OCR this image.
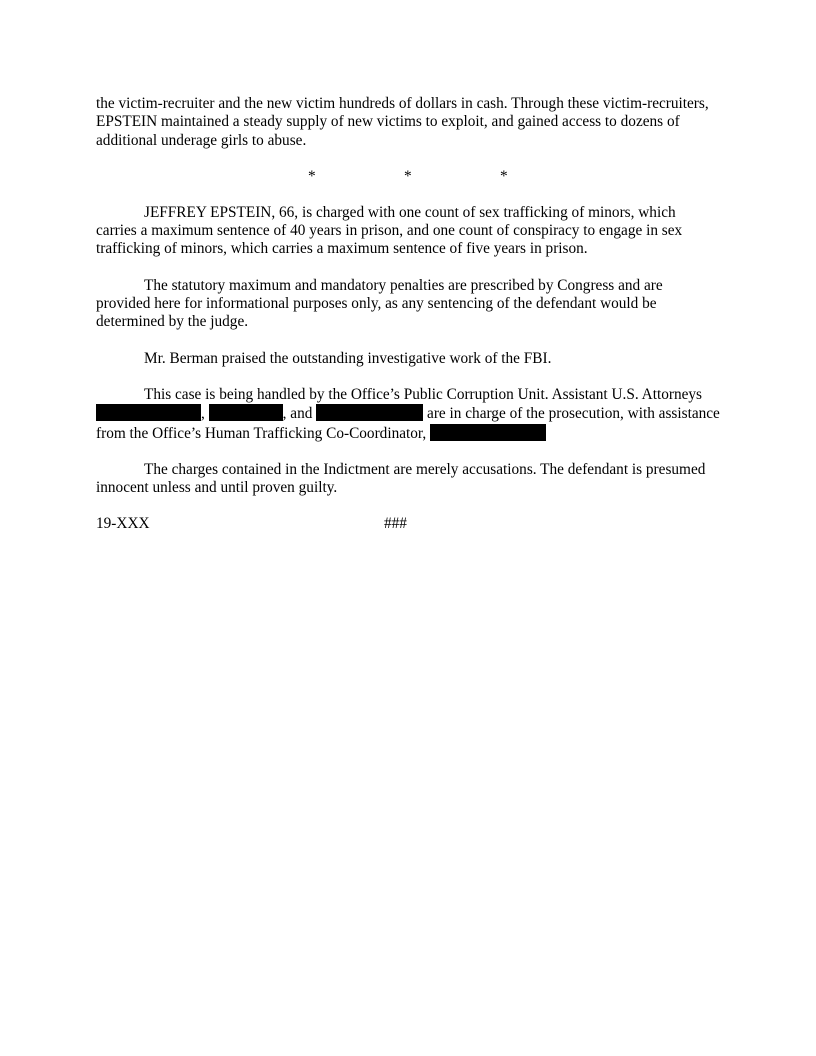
the victim-recruiter and the new victim hundreds of dollars in cash. Through these victim-recruiters, EPSTEIN maintained a steady supply of new victims to exploit, and gained access to dozens of additional underage girls to abuse.

*	*	*

JEFFREY EPSTEIN, 66, is charged with one count of sex trafficking of minors, which carries a maximum sentence of 40 years in prison, and one count of conspiracy to engage in sex trafficking of minors, which carries a maximum sentence of five years in prison.

The statutory maximum and mandatory penalties are prescribed by Congress and are provided here for informational purposes only, as any sentencing of the defendant would be determined by the judge.

Mr. Berman praised the outstanding investigative work of the FBI.

This case is being handled by the Office’s Public Corruption Unit. Assistant U.S. Attorneys ,	, and	are in charge of the prosecution, with assistance from the Office’s Human Trafficking Co-Coordinator,

The charges contained in the Indictment are merely accusations. The defendant is presumed innocent unless and until proven guilty.

19-XXX	###
